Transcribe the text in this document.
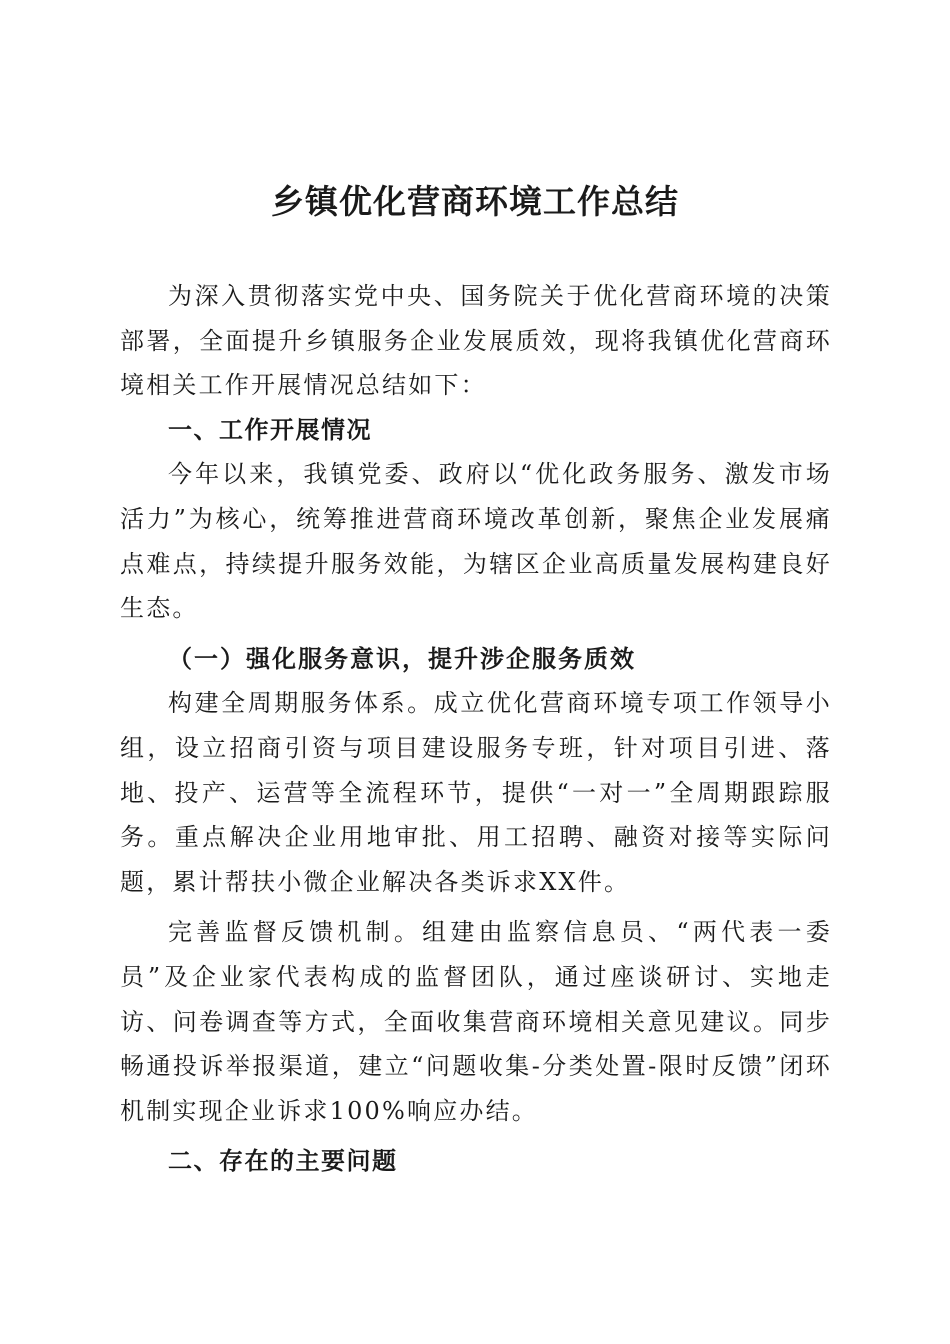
乡镇优化营商环境工作总结

为深入贯彻落实党中央、国务院关于优化营商环境的决策部署，全面提升乡镇服务企业发展质效，现将我镇优化营商环境相关工作开展情况总结如下：

一、工作开展情况

今年以来，我镇党委、政府以“优化政务服务、激发市场活力”为核心，统筹推进营商环境改革创新，聚焦企业发展痛点难点，持续提升服务效能，为辖区企业高质量发展构建良好生态。

（一）强化服务意识，提升涉企服务质效

构建全周期服务体系。成立优化营商环境专项工作领导小组，设立招商引资与项目建设服务专班，针对项目引进、落地、投产、运营等全流程环节，提供“一对一”全周期跟踪服务。重点解决企业用地审批、用工招聘、融资对接等实际问题，累计帮扶小微企业解决各类诉求XX件。

完善监督反馈机制。组建由监察信息员、“两代表一委员”及企业家代表构成的监督团队，通过座谈研讨、实地走访、问卷调查等方式，全面收集营商环境相关意见建议。同步畅通投诉举报渠道，建立“问题收集-分类处置-限时反馈”闭环机制实现企业诉求100%响应办结。

二、存在的主要问题
